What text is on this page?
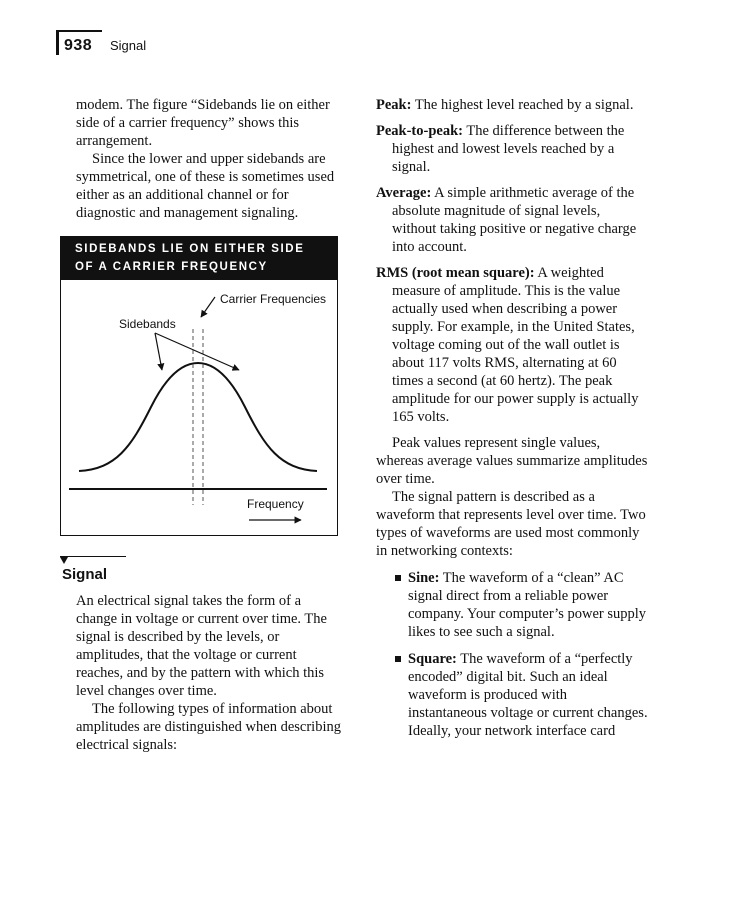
938 Signal

modem. The figure “Sidebands lie on either side of a carrier frequency” shows this arrangement.

Since the lower and upper sidebands are symmetrical, one of these is sometimes used either as an additional channel or for diagnostic and management signaling.

SIDEBANDS LIE ON EITHER SIDE
OF A CARRIER FREQUENCY
Carrier Frequencies
Sidebands
Frequency
Signal

An electrical signal takes the form of a change in voltage or current over time. The signal is described by the levels, or amplitudes, that the voltage or current reaches, and by the pattern with which this level changes over time.

The following types of information about amplitudes are distinguished when describing electrical signals:

Peak: The highest level reached by a signal.

Peak-to-peak: The difference between the highest and lowest levels reached by a signal.

Average: A simple arithmetic average of the absolute magnitude of signal levels, without taking positive or negative charge into account.

RMS (root mean square): A weighted measure of amplitude. This is the value actually used when describing a power supply. For example, in the United States, voltage coming out of the wall outlet is about 117 volts RMS, alternating at 60 times a second (at 60 hertz). The peak amplitude for our power supply is actually 165 volts.

Peak values represent single values, whereas average values summarize amplitudes over time.

The signal pattern is described as a waveform that represents level over time. Two types of waveforms are used most commonly in networking contexts:

Sine: The waveform of a “clean” AC signal direct from a reliable power company. Your computer’s power supply likes to see such a signal.

Square: The waveform of a “perfectly encoded” digital bit. Such an ideal waveform is produced with instantaneous voltage or current changes. Ideally, your network interface card
